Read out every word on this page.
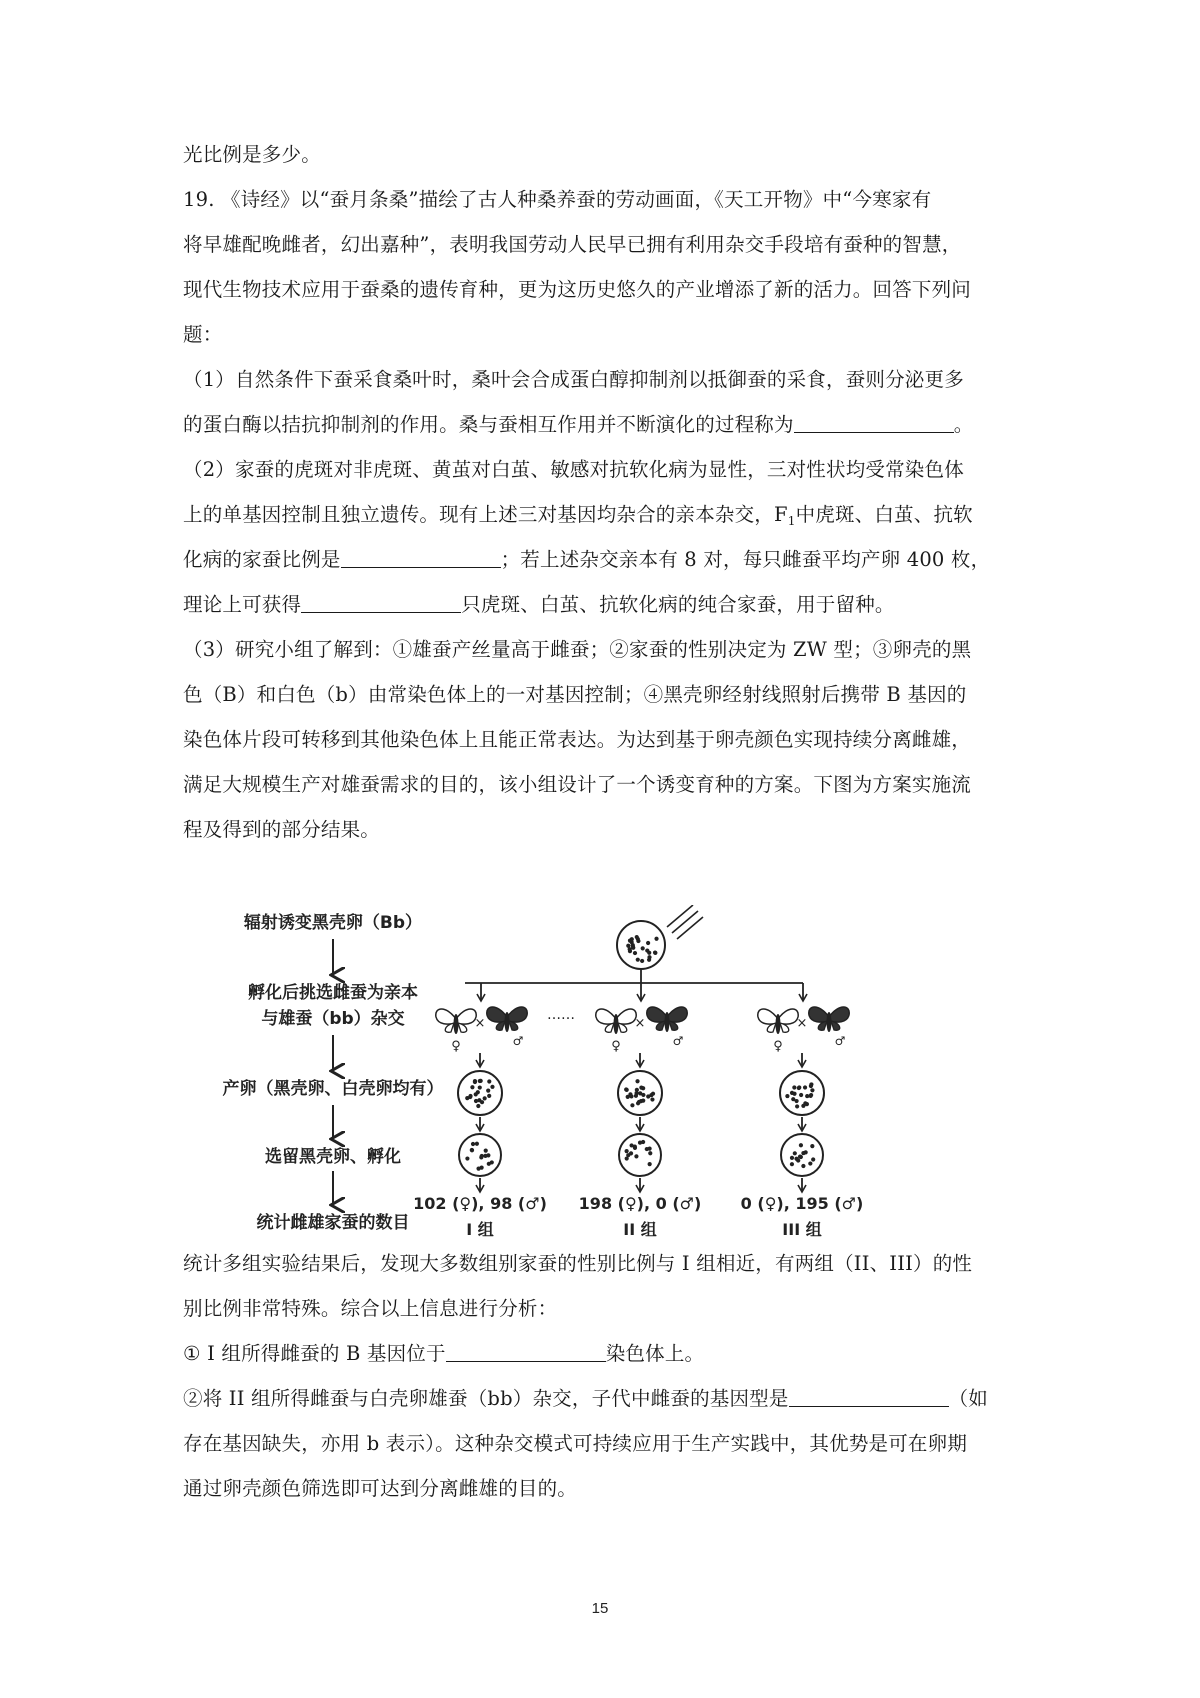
光比例是多少。
19. 《诗经》以“蚕月条桑”描绘了古人种桑养蚕的劳动画面，《天工开物》中“今寒家有
将早雄配晚雌者，幻出嘉种”，表明我国劳动人民早已拥有利用杂交手段培有蚕种的智慧，
现代生物技术应用于蚕桑的遗传育种，更为这历史悠久的产业增添了新的活力。回答下列问
题：
（1）自然条件下蚕采食桑叶时，桑叶会合成蛋白醇抑制剂以抵御蚕的采食，蚕则分泌更多
的蛋白酶以拮抗抑制剂的作用。桑与蚕相互作用并不断演化的过程称为	。
（2）家蚕的虎斑对非虎斑、黄茧对白茧、敏感对抗软化病为显性，三对性状均受常染色体
上的单基因控制且独立遗传。现有上述三对基因均杂合的亲本杂交，$F_1$中虎斑、白茧、抗软
化病的家蚕比例是	；若上述杂交亲本有 8 对，每只雌蚕平均产卵 400 枚，
理论上可获得	只虎斑、白茧、抗软化病的纯合家蚕，用于留种。
（3）研究小组了解到：①雄蚕产丝量高于雌蚕；②家蚕的性别决定为 ZW 型；③卵壳的黑
色（B）和白色（b）由常染色体上的一对基因控制；④黑壳卵经射线照射后携带 B 基因的
染色体片段可转移到其他染色体上且能正常表达。为达到基于卵壳颜色实现持续分离雌雄，
满足大规模生产对雄蚕需求的目的，该小组设计了一个诱变育种的方案。下图为方案实施流
程及得到的部分结果。
辐射诱变黑壳卵（Bb）
孵化后挑选雌蚕为亲本
与雄蚕（bb）杂交
产卵（黑壳卵、白壳卵均有）
选留黑壳卵、孵化
统计雌雄家蚕的数目
×
♀	♂
102 (♀), 98 (♂)
I 组
×
♀	♂
198 (♀), 0 (♂)
II 组
×
♀	♂
0 (♀), 195 (♂)
III 组
……
统计多组实验结果后，发现大多数组别家蚕的性别比例与 I 组相近，有两组（II、III）的性
别比例非常特殊。综合以上信息进行分析：
① I 组所得雌蚕的 B 基因位于	染色体上。
②将 II 组所得雌蚕与白壳卵雄蚕（bb）杂交，子代中雌蚕的基因型是	（如
存在基因缺失，亦用 b 表示）。这种杂交模式可持续应用于生产实践中，其优势是可在卵期
通过卵壳颜色筛选即可达到分离雌雄的目的。
15
